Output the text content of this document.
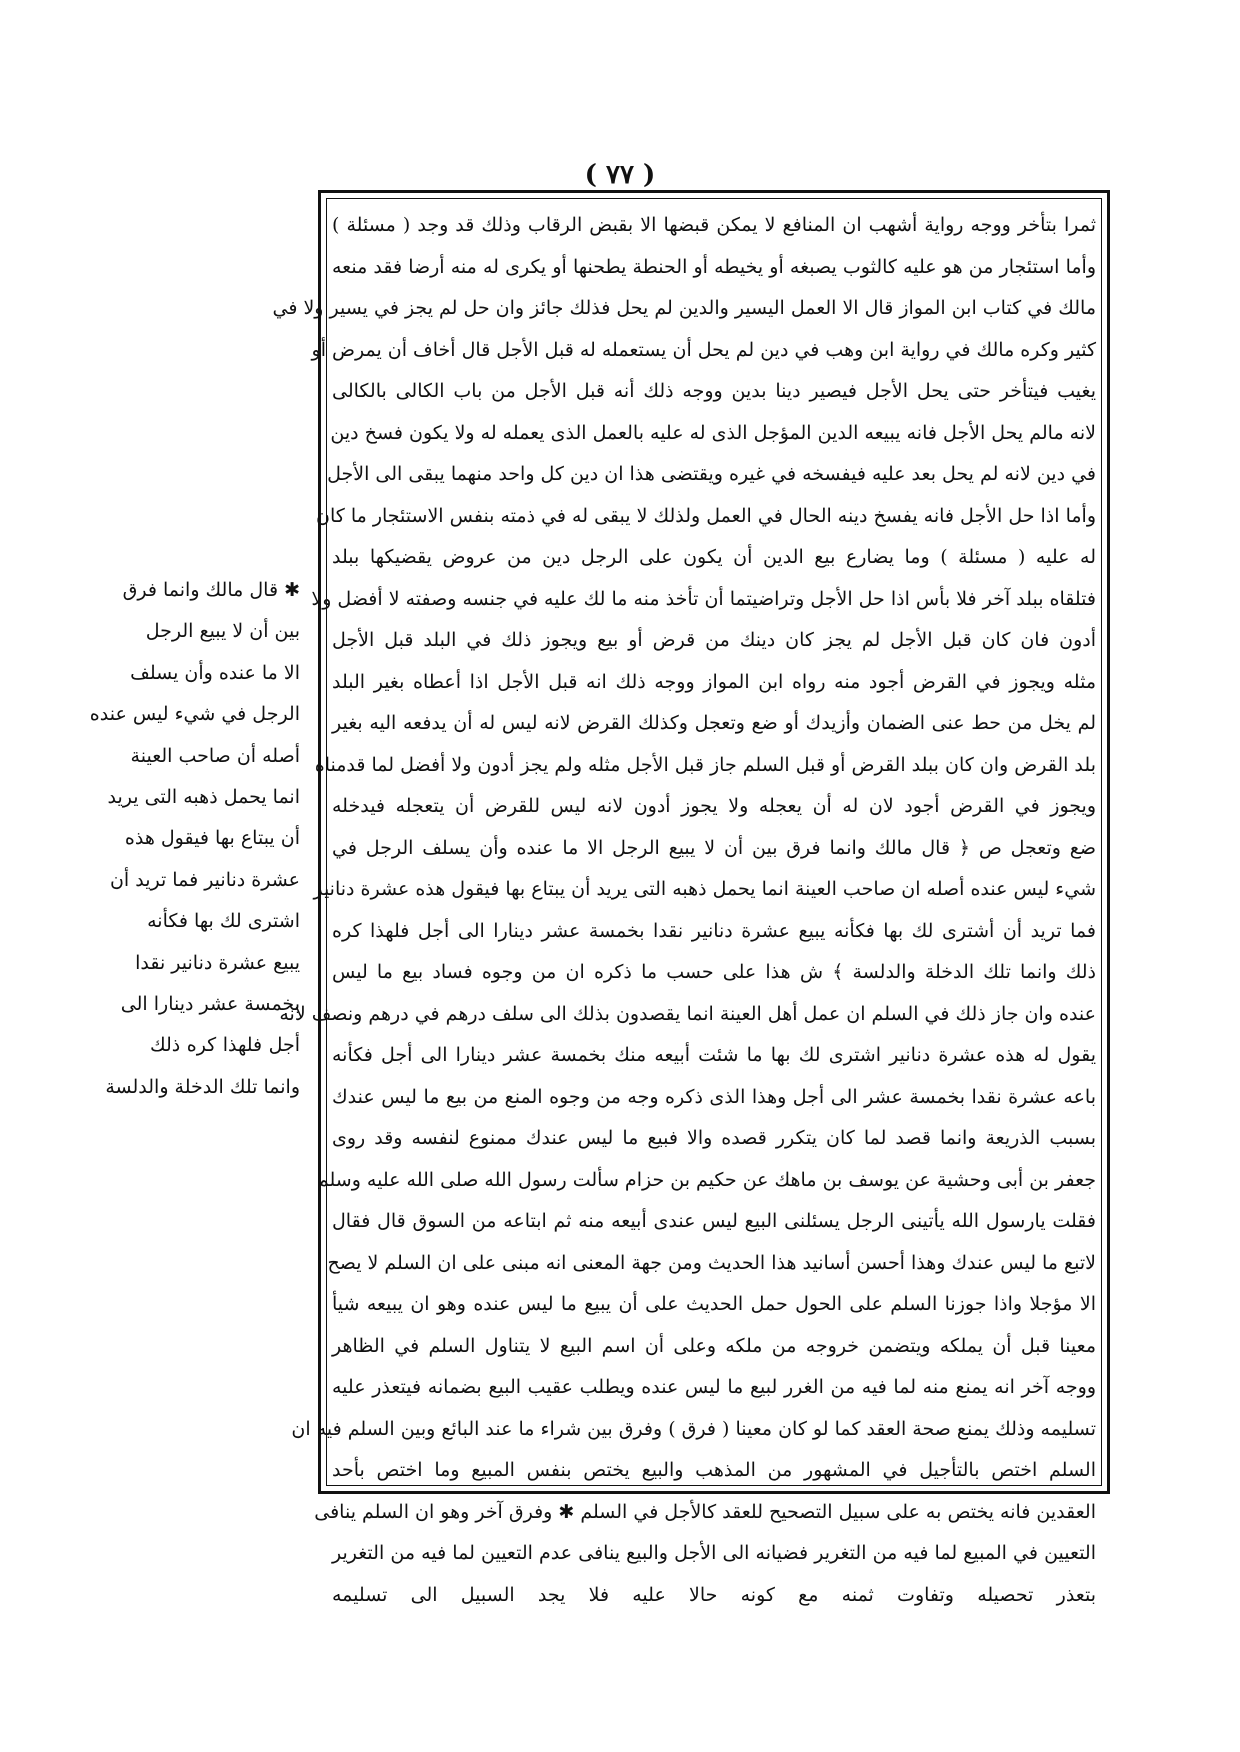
( ٧٧ )
ثمرا بتأخر ووجه رواية أشهب ان المنافع لا يمكن قبضها الا بقبض الرقاب وذلك قد وجد ( مسئلة )
وأما استئجار من هو عليه كالثوب يصبغه أو يخيطه أو الحنطة يطحنها أو يكرى له منه أرضا فقد منعه
مالك في كتاب ابن المواز قال الا العمل اليسير والدين لم يحل فذلك جائز وان حل لم يجز في يسير ولا في
كثير وكره مالك في رواية ابن وهب في دين لم يحل أن يستعمله له قبل الأجل قال أخاف أن يمرض أو
يغيب فيتأخر حتى يحل الأجل فيصير دينا بدين ووجه ذلك أنه قبل الأجل من باب الكالى بالكالى
لانه مالم يحل الأجل فانه يبيعه الدين المؤجل الذى له عليه بالعمل الذى يعمله له ولا يكون فسخ دين
في دين لانه لم يحل بعد عليه فيفسخه في غيره ويقتضى هذا ان دين كل واحد منهما يبقى الى الأجل
وأما اذا حل الأجل فانه يفسخ دينه الحال في العمل ولذلك لا يبقى له في ذمته بنفس الاستئجار ما كان
له عليه ( مسئلة ) وما يضارع بيع الدين أن يكون على الرجل دين من عروض يقضيكها ببلد
فتلقاه ببلد آخر فلا بأس اذا حل الأجل وتراضيتما أن تأخذ منه ما لك عليه في جنسه وصفته لا أفضل ولا
أدون فان كان قبل الأجل لم يجز كان دينك من قرض أو بيع ويجوز ذلك في البلد قبل الأجل
مثله ويجوز في القرض أجود منه رواه ابن المواز ووجه ذلك انه قبل الأجل اذا أعطاه بغير البلد
لم يخل من حط عنى الضمان وأزيدك أو ضع وتعجل وكذلك القرض لانه ليس له أن يدفعه اليه بغير
بلد القرض وان كان ببلد القرض أو قبل السلم جاز قبل الأجل مثله ولم يجز أدون ولا أفضل لما قدمناه
ويجوز في القرض أجود لان له أن يعجله ولا يجوز أدون لانه ليس للقرض أن يتعجله فيدخله
ضع وتعجل ص ﴿ قال مالك وانما فرق بين أن لا يبيع الرجل الا ما عنده وأن يسلف الرجل في
شيء ليس عنده أصله ان صاحب العينة انما يحمل ذهبه التى يريد أن يبتاع بها فيقول هذه عشرة دنانير
فما تريد أن أشترى لك بها فكأنه يبيع عشرة دنانير نقدا بخمسة عشر دينارا الى أجل فلهذا كره
ذلك وانما تلك الدخلة والدلسة ﴾ ش هذا على حسب ما ذكره ان من وجوه فساد بيع ما ليس
عنده وان جاز ذلك في السلم ان عمل أهل العينة انما يقصدون بذلك الى سلف درهم في درهم ونصف لانه
يقول له هذه عشرة دنانير اشترى لك بها ما شئت أبيعه منك بخمسة عشر دينارا الى أجل فكأنه
باعه عشرة نقدا بخمسة عشر الى أجل وهذا الذى ذكره وجه من وجوه المنع من بيع ما ليس عندك
بسبب الذريعة وانما قصد لما كان يتكرر قصده والا فبيع ما ليس عندك ممنوع لنفسه وقد روى
جعفر بن أبى وحشية عن يوسف بن ماهك عن حكيم بن حزام سألت رسول الله صلى الله عليه وسلم
فقلت يارسول الله يأتينى الرجل يسئلنى البيع ليس عندى أبيعه منه ثم ابتاعه من السوق قال فقال
لاتبع ما ليس عندك وهذا أحسن أسانيد هذا الحديث ومن جهة المعنى انه مبنى على ان السلم لا يصح
الا مؤجلا واذا جوزنا السلم على الحول حمل الحديث على أن يبيع ما ليس عنده وهو ان يبيعه شيأ
معينا قبل أن يملكه ويتضمن خروجه من ملكه وعلى أن اسم البيع لا يتناول السلم في الظاهر
ووجه آخر انه يمنع منه لما فيه من الغرر لبيع ما ليس عنده ويطلب عقيب البيع بضمانه فيتعذر عليه
تسليمه وذلك يمنع صحة العقد كما لو كان معينا ( فرق ) وفرق بين شراء ما عند البائع وبين السلم فيه ان
السلم اختص بالتأجيل في المشهور من المذهب والبيع يختص بنفس المبيع وما اختص بأحد
العقدين فانه يختص به على سبيل التصحيح للعقد كالأجل في السلم ✱ وفرق آخر وهو ان السلم ينافى
التعيين في المبيع لما فيه من التغرير فضيانه الى الأجل والبيع ينافى عدم التعيين لما فيه من التغرير
بتعذر تحصيله وتفاوت ثمنه مع كونه حالا عليه فلا يجد السبيل الى تسليمه
✱ قال مالك وانما فرق
بين أن لا يبيع الرجل
الا ما عنده وأن يسلف
الرجل في شيء ليس عنده
أصله أن صاحب العينة
انما يحمل ذهبه التى يريد
أن يبتاع بها فيقول هذه
عشرة دنانير فما تريد أن
اشترى لك بها فكأنه
يبيع عشرة دنانير نقدا
بخمسة عشر دينارا الى
أجل فلهذا كره ذلك
وانما تلك الدخلة والدلسة
